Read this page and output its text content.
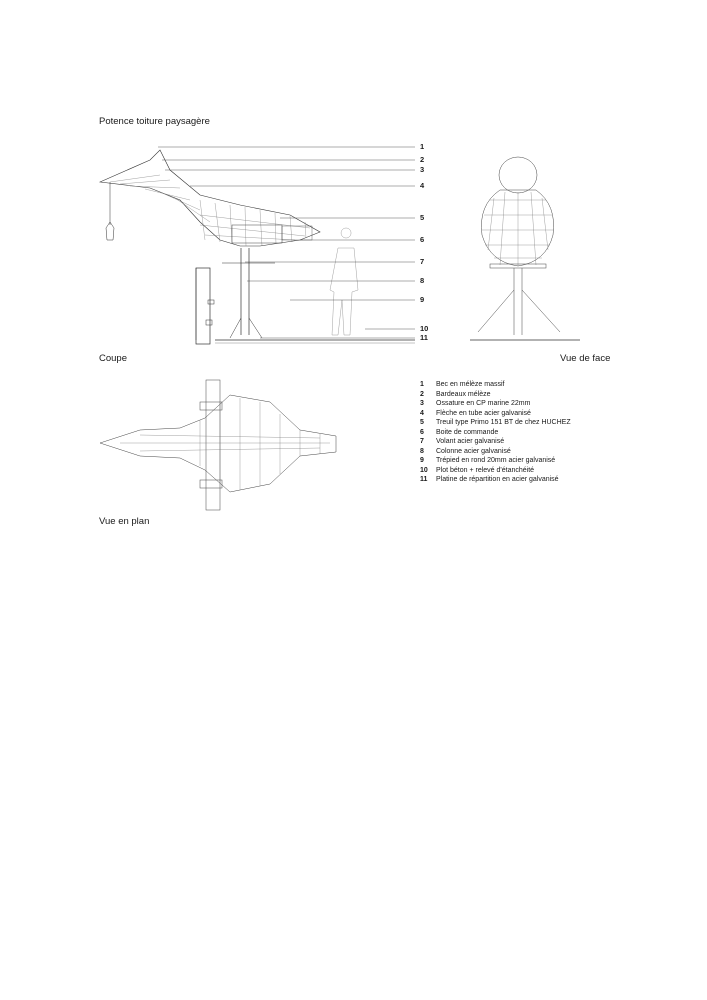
Potence toiture paysagère
Coupe	Vue de face
Vue en plan
1
2
3
4
5
6
7
8
9
10
11
1	Bec en mélèze massif
2	Bardeaux mélèze
3	Ossature en CP marine 22mm
4	Flèche en tube acier galvanisé
5	Treuil type Primo 151 BT de chez HUCHEZ
6	Boite de commande
7	Volant acier galvanisé
8	Colonne acier galvanisé
9	Trépied en rond 20mm acier galvanisé
10	Plot béton + relevé d'étanchéité
11	Platine de répartition en acier galvanisé
